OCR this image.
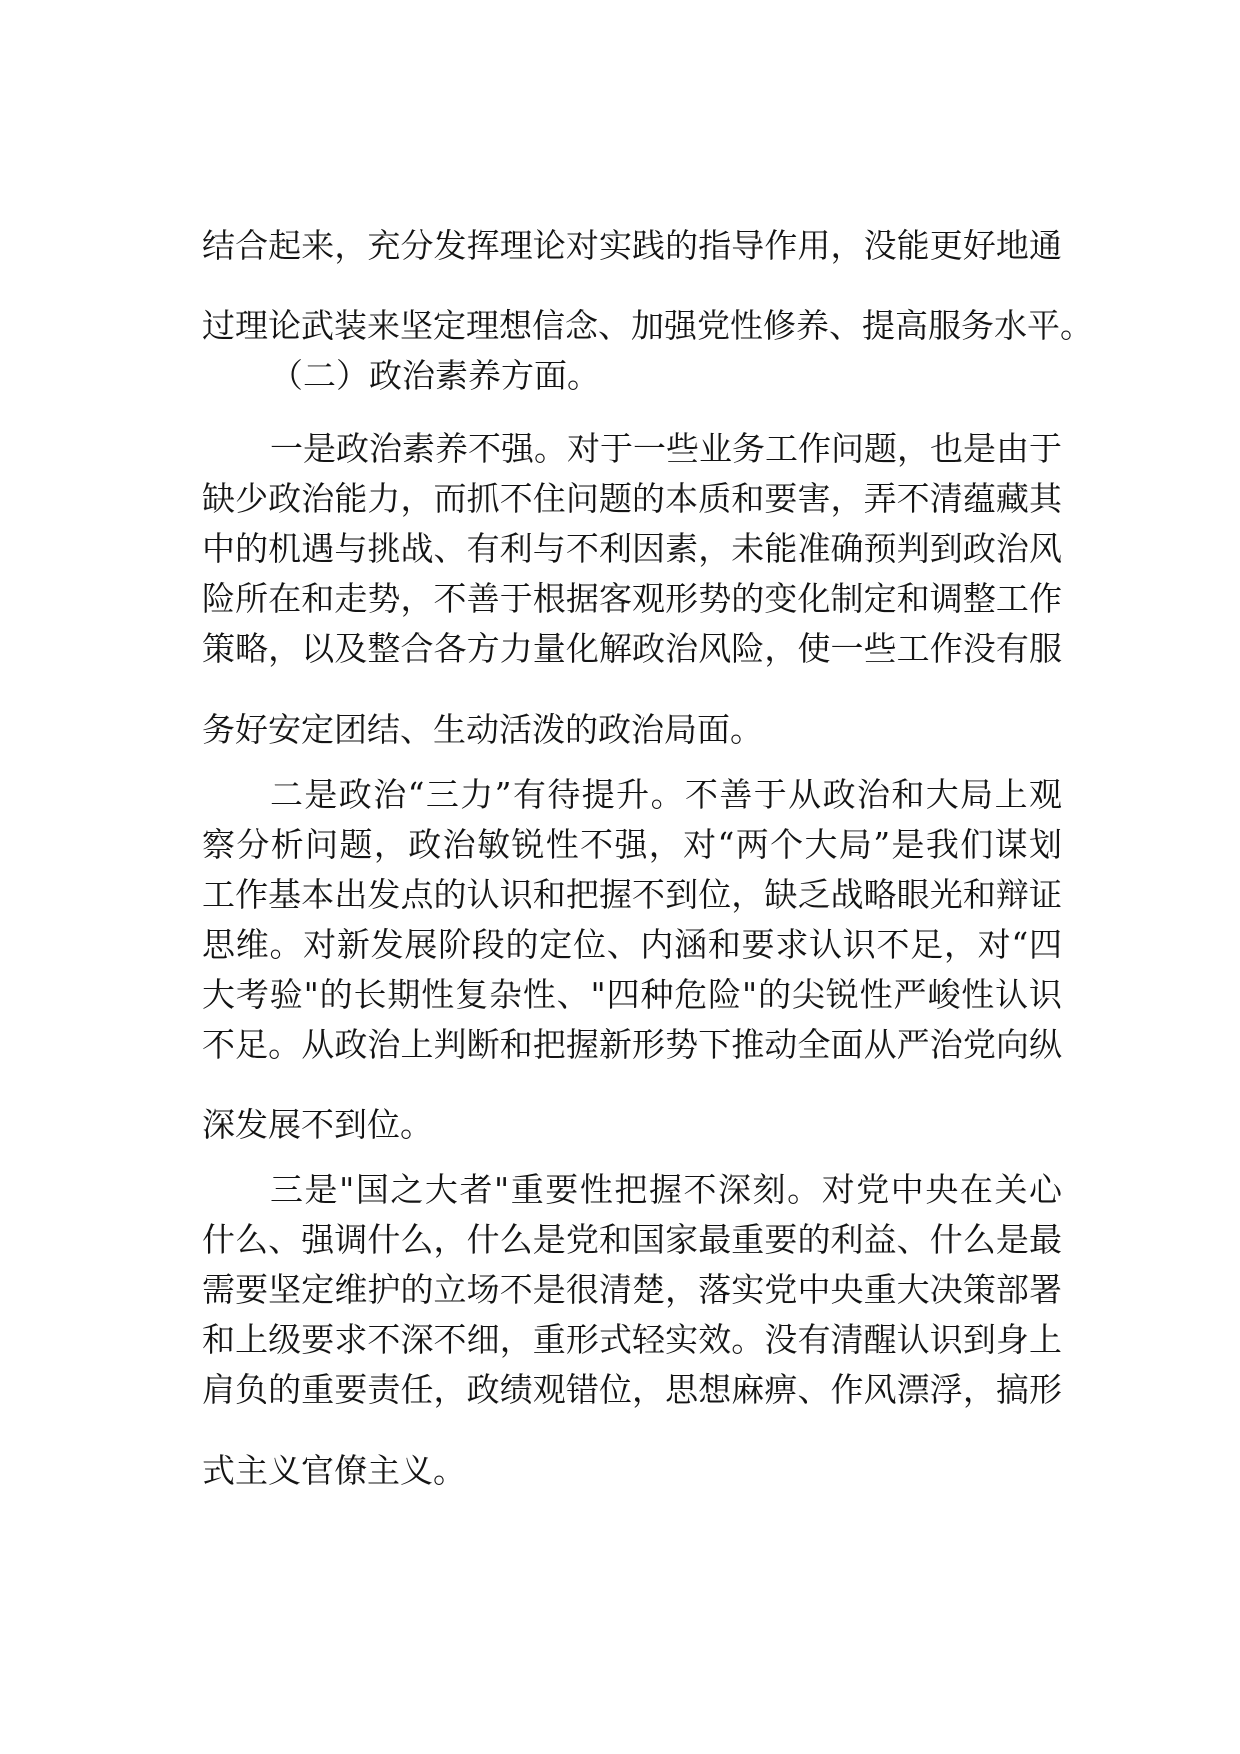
结合起来，充分发挥理论对实践的指导作用，没能更好地通
过理论武装来坚定理想信念、加强党性修养、提高服务水平。
（二）政治素养方面。
一是政治素养不强。对于一些业务工作问题，也是由于
缺少政治能力，而抓不住问题的本质和要害，弄不清蕴藏其
中的机遇与挑战、有利与不利因素，未能准确预判到政治风
险所在和走势，不善于根据客观形势的变化制定和调整工作
策略，以及整合各方力量化解政治风险，使一些工作没有服
务好安定团结、生动活泼的政治局面。
二是政治“三力”有待提升。不善于从政治和大局上观
察分析问题，政治敏锐性不强，对“两个大局”是我们谋划
工作基本出发点的认识和把握不到位，缺乏战略眼光和辩证
思维。对新发展阶段的定位、内涵和要求认识不足，对“四
大考验"的长期性复杂性、"四种危险"的尖锐性严峻性认识
不足。从政治上判断和把握新形势下推动全面从严治党向纵
深发展不到位。
三是"国之大者"重要性把握不深刻。对党中央在关心
什么、强调什么，什么是党和国家最重要的利益、什么是最
需要坚定维护的立场不是很清楚，落实党中央重大决策部署
和上级要求不深不细，重形式轻实效。没有清醒认识到身上
肩负的重要责任，政绩观错位，思想麻痹、作风漂浮，搞形
式主义官僚主义。
